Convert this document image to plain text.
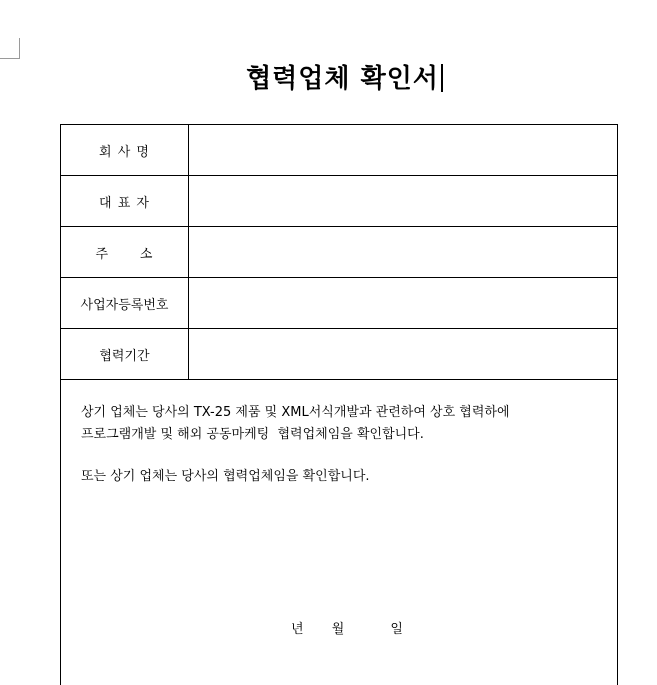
협력업체 확인서
회 사 명	
대 표 자	
주      소	
사업자등록번호	
협력기간	

상기 업체는 당사의 TX-25 제품 및 XML서식개발과 관련하여 상호 협력하에

프로그램개발 및 해외 공동마케팅  협력업체임을 확인합니다.

또는 상기 업체는 당사의 협력업체임을 확인합니다.

년 월 일	
